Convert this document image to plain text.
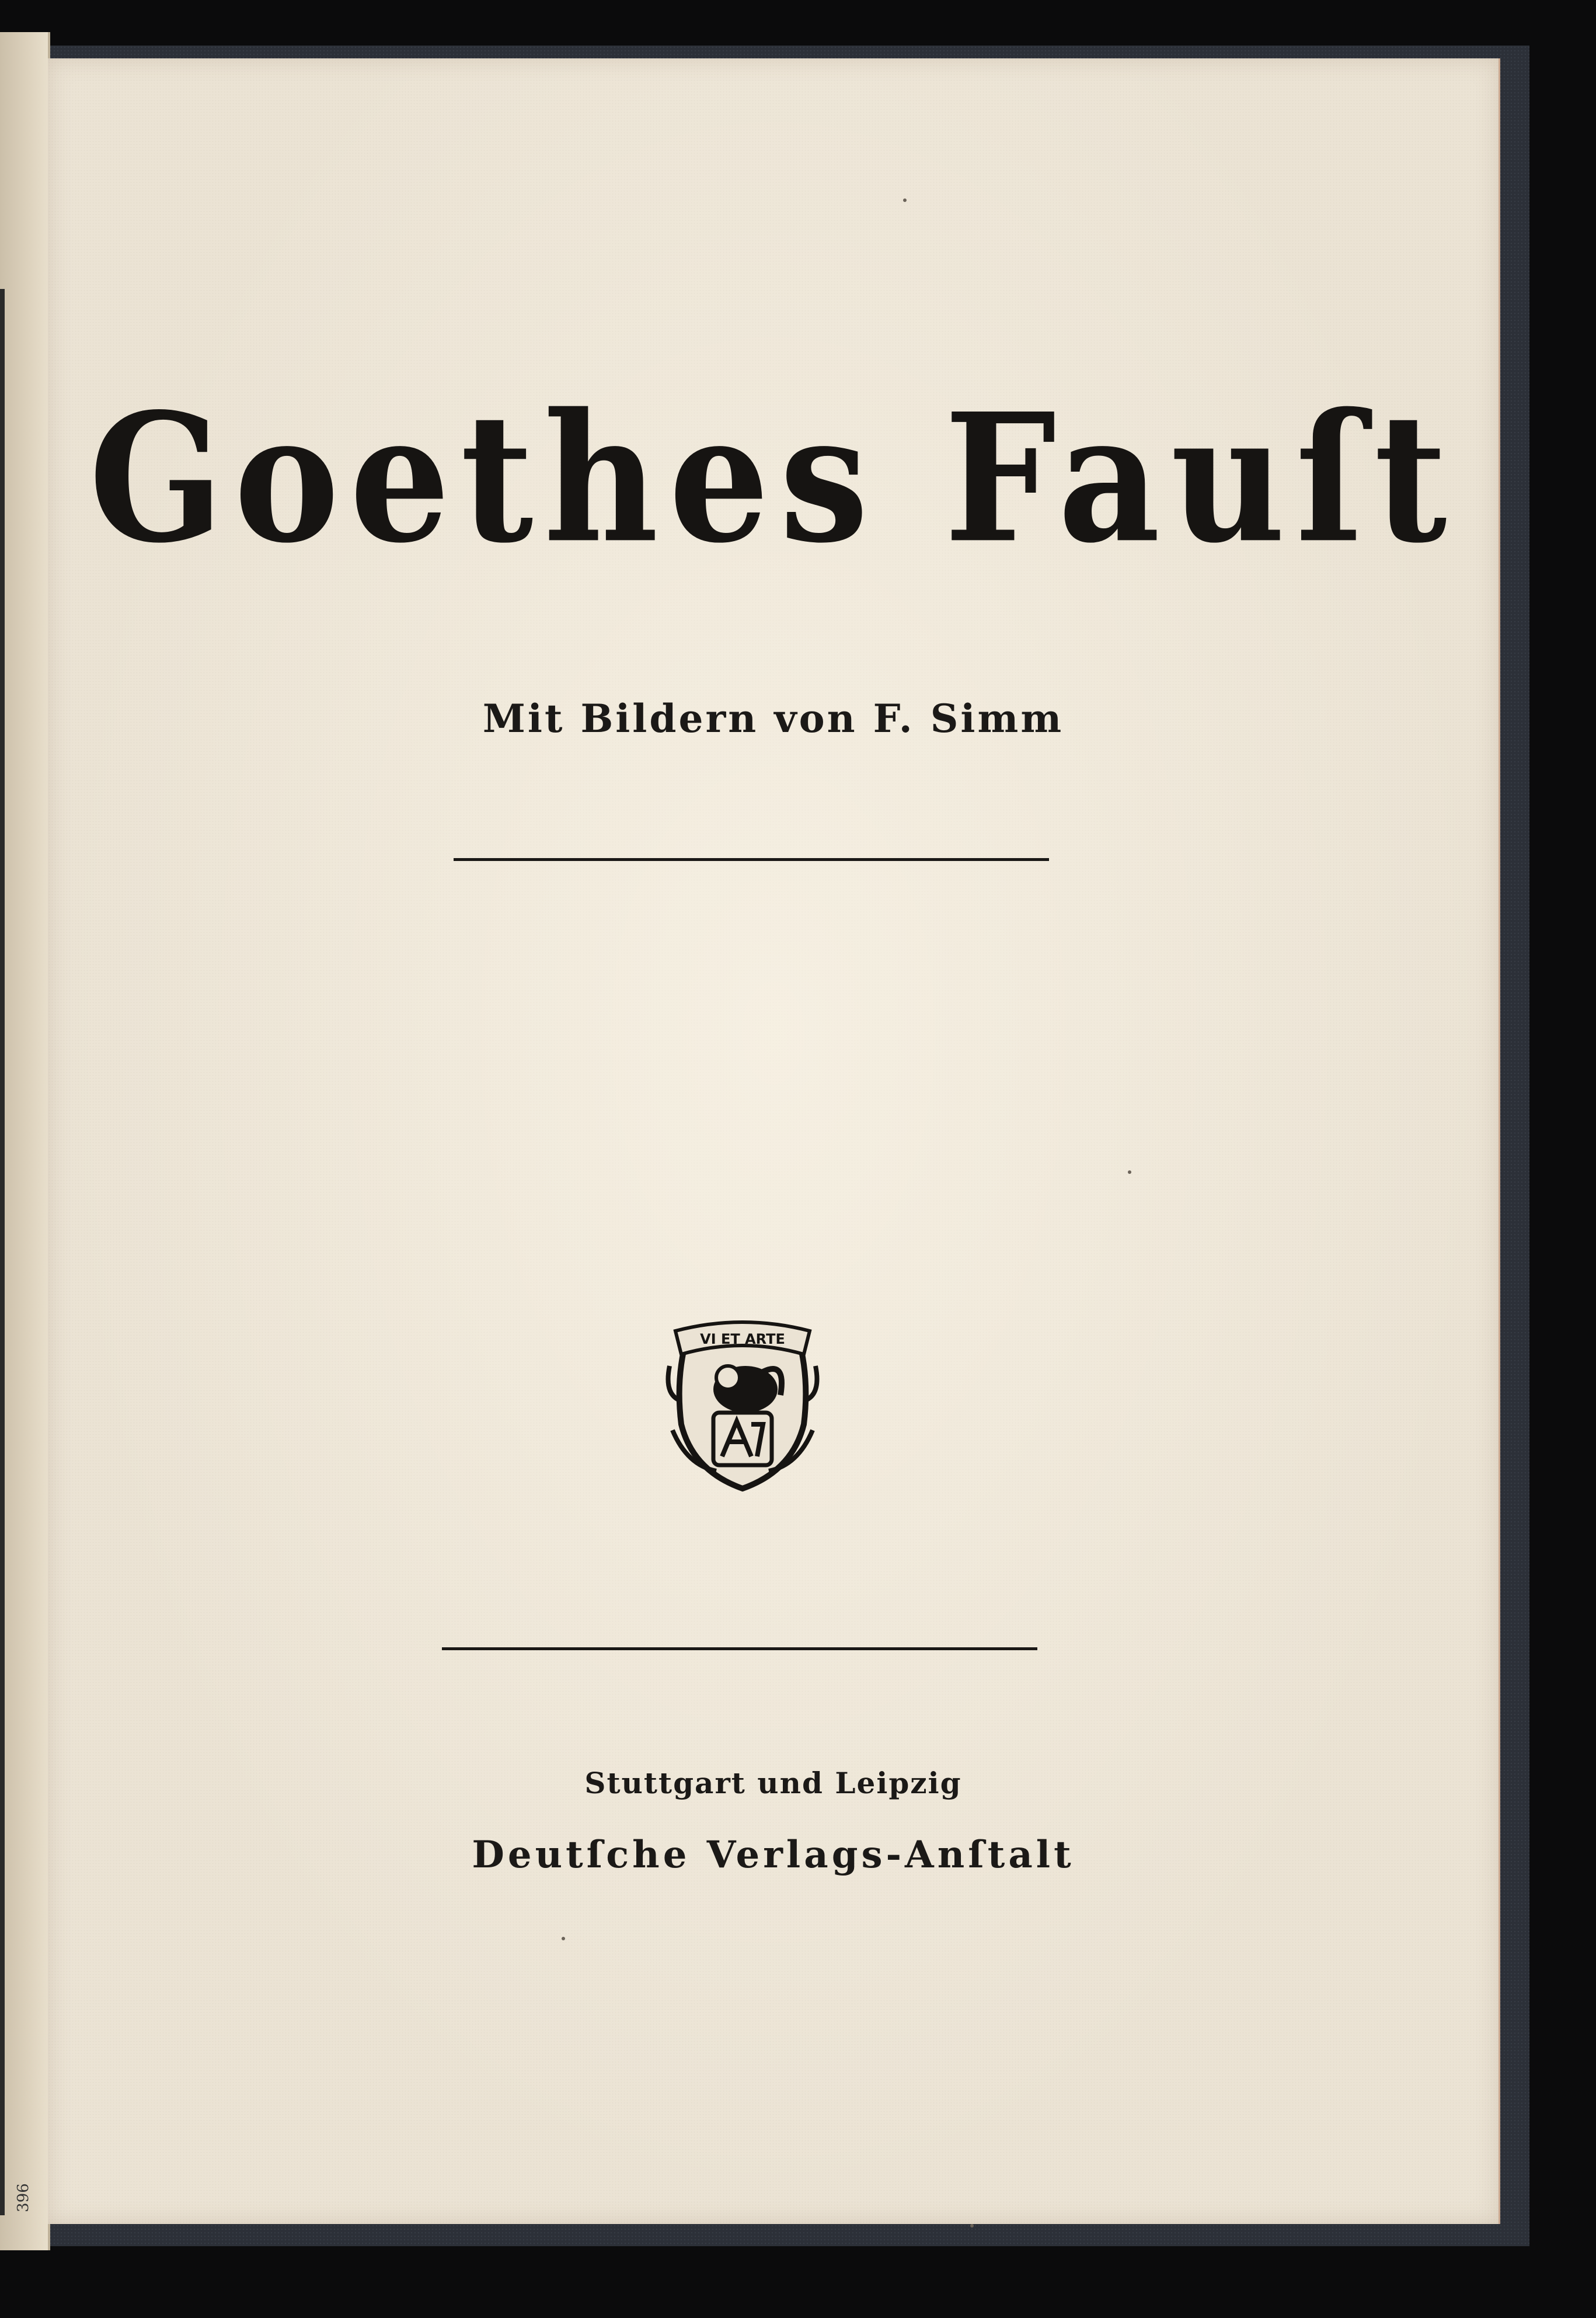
396
Goethes Fauſt
Mit Bildern von F. Simm
VI ET ARTE
Stuttgart und Leipzig
Deutſche Verlags-Anſtalt
